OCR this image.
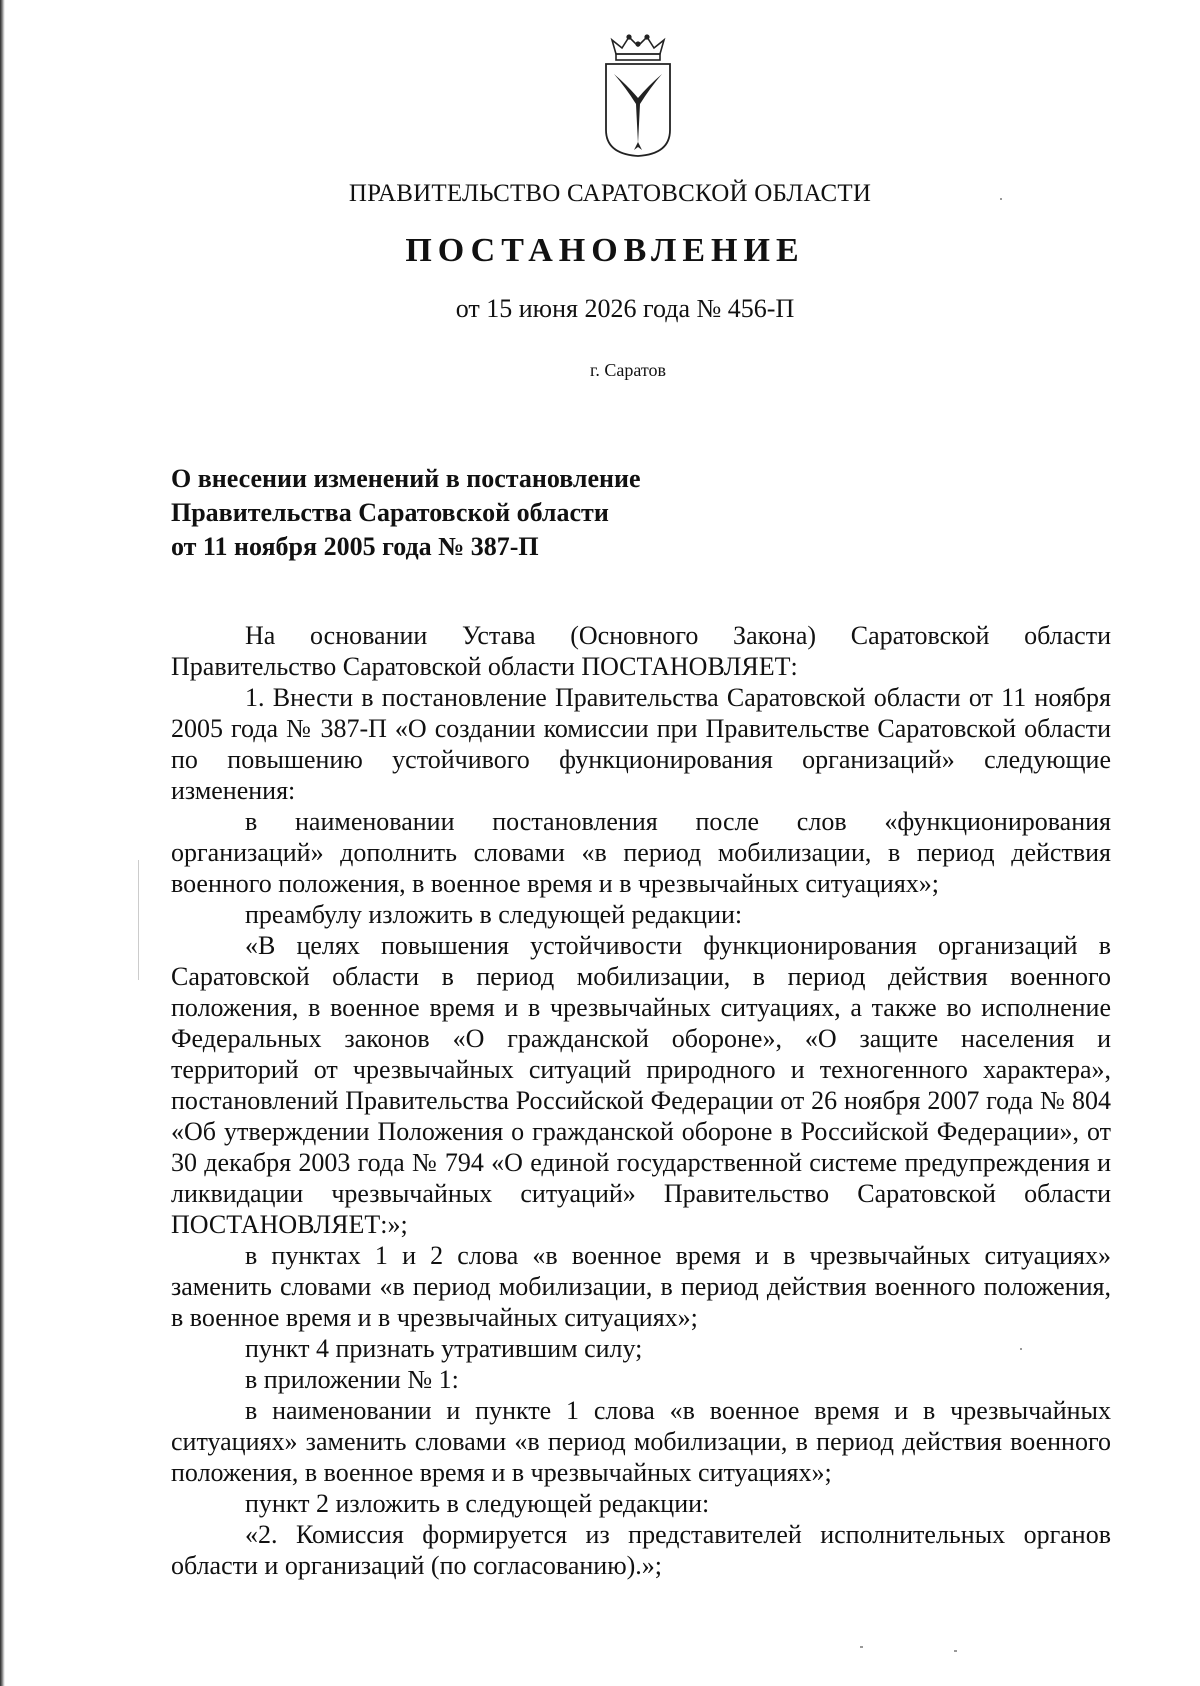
ПРАВИТЕЛЬСТВО САРАТОВСКОЙ ОБЛАСТИ
ПОСТАНОВЛЕНИЕ
от 15 июня 2026 года № 456-П
г. Саратов
О внесении изменений в постановление
Правительства Саратовской области
от 11 ноября 2005 года № 387-П

На основании Устава (Основного Закона) Саратовской области Правительство Саратовской области ПОСТАНОВЛЯЕТ:

1. Внести в постановление Правительства Саратовской области от 11 ноября 2005 года № 387-П «О создании комиссии при Правительстве Саратовской области по повышению устойчивого функционирования организаций» следующие изменения:

в наименовании постановления после слов «функционирования организаций» дополнить словами «в период мобилизации, в период действия военного положения, в военное время и в чрезвычайных ситуациях»;

преамбулу изложить в следующей редакции:

«В целях повышения устойчивости функционирования организаций в Саратовской области в период мобилизации, в период действия военного положения, в военное время и в чрезвычайных ситуациях, а также во исполнение Федеральных законов «О гражданской обороне», «О защите населения и территорий от чрезвычайных ситуаций природного и техногенного характера», постановлений Правительства Российской Федерации от 26 ноября 2007 года № 804 «Об утверждении Положения о гражданской обороне в Российской Федерации», от 30 декабря 2003 года № 794 «О единой государственной системе предупреждения и ликвидации чрезвычайных ситуаций» Правительство Саратовской области ПОСТАНОВЛЯЕТ:»;

в пунктах 1 и 2 слова «в военное время и в чрезвычайных ситуациях» заменить словами «в период мобилизации, в период действия военного положения, в военное время и в чрезвычайных ситуациях»;

пункт 4 признать утратившим силу;

в приложении № 1:

в наименовании и пункте 1 слова «в военное время и в чрезвычайных ситуациях» заменить словами «в период мобилизации, в период действия военного положения, в военное время и в чрезвычайных ситуациях»;

пункт 2 изложить в следующей редакции:

«2. Комиссия формируется из представителей исполнительных органов области и организаций (по согласованию).»;
